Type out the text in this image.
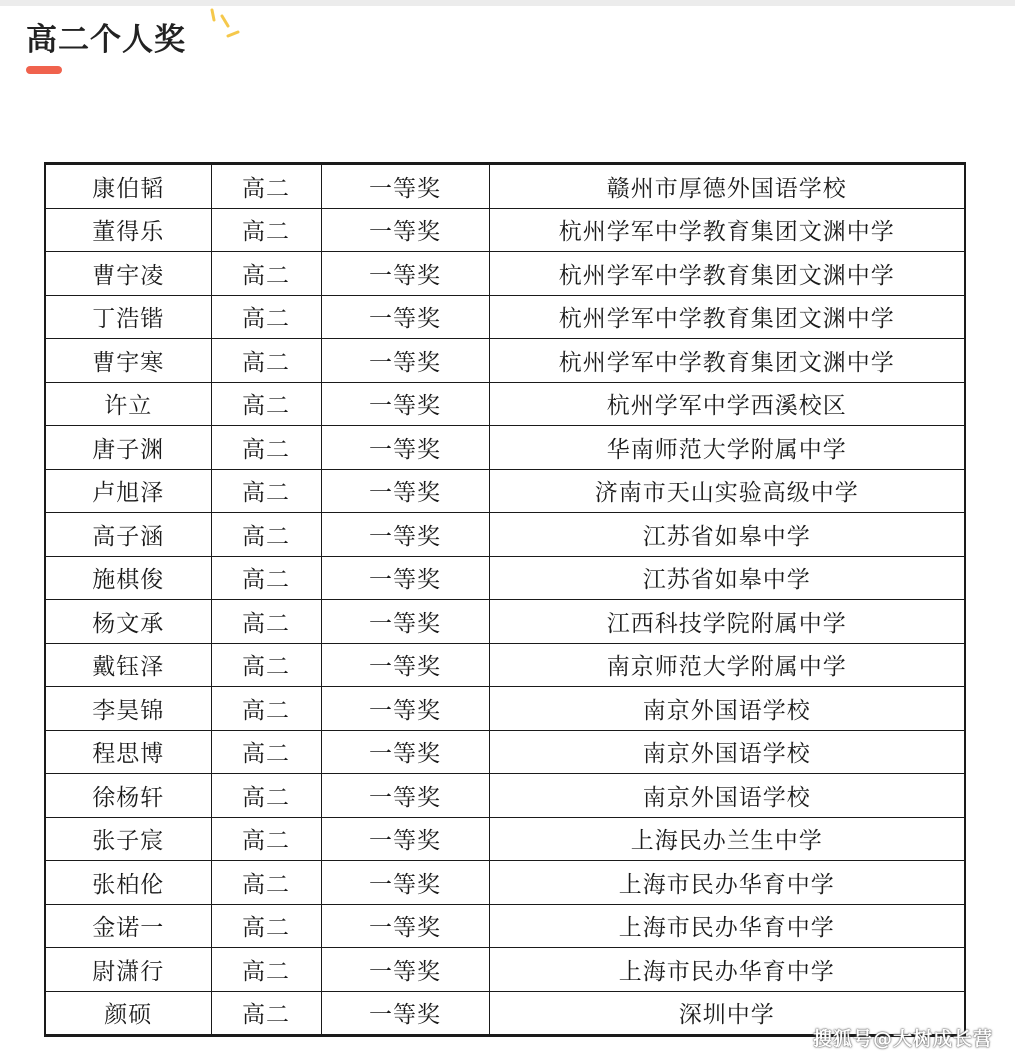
高二个人奖
康伯韬	高二	一等奖	赣州市厚德外国语学校
董得乐	高二	一等奖	杭州学军中学教育集团文渊中学
曹宇凌	高二	一等奖	杭州学军中学教育集团文渊中学
丁浩锴	高二	一等奖	杭州学军中学教育集团文渊中学
曹宇寒	高二	一等奖	杭州学军中学教育集团文渊中学
许立	高二	一等奖	杭州学军中学西溪校区
唐子渊	高二	一等奖	华南师范大学附属中学
卢旭泽	高二	一等奖	济南市天山实验高级中学
高子涵	高二	一等奖	江苏省如皋中学
施棋俊	高二	一等奖	江苏省如皋中学
杨文承	高二	一等奖	江西科技学院附属中学
戴钰泽	高二	一等奖	南京师范大学附属中学
李昊锦	高二	一等奖	南京外国语学校
程思博	高二	一等奖	南京外国语学校
徐杨轩	高二	一等奖	南京外国语学校
张子宸	高二	一等奖	上海民办兰生中学
张柏伦	高二	一等奖	上海市民办华育中学
金诺一	高二	一等奖	上海市民办华育中学
尉潇行	高二	一等奖	上海市民办华育中学
颜硕	高二	一等奖	深圳中学
搜狐号@大树成长营
